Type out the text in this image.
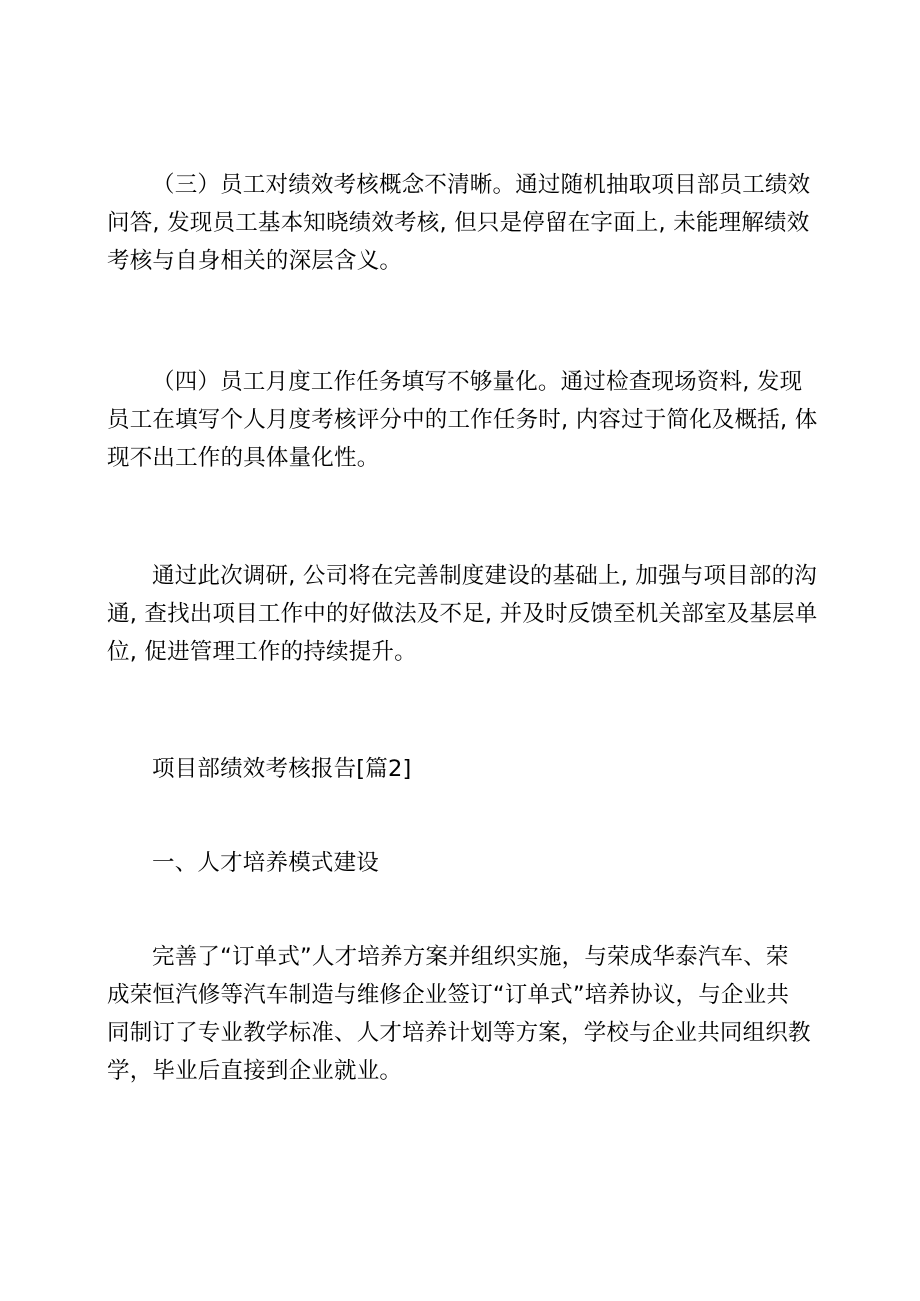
（三）员工对绩效考核概念不清晰。通过随机抽取项目部员工绩效
问答, 发现员工基本知晓绩效考核, 但只是停留在字面上, 未能理解绩效
考核与自身相关的深层含义。
（四）员工月度工作任务填写不够量化。通过检查现场资料, 发现
员工在填写个人月度考核评分中的工作任务时, 内容过于简化及概括, 体
现不出工作的具体量化性。
通过此次调研, 公司将在完善制度建设的基础上, 加强与项目部的沟
通, 查找出项目工作中的好做法及不足, 并及时反馈至机关部室及基层单
位, 促进管理工作的持续提升。
项目部绩效考核报告[篇2]
一、人才培养模式建设
完善了“订单式”人才培养方案并组织实施，与荣成华泰汽车、荣
成荣恒汽修等汽车制造与维修企业签订“订单式”培养协议，与企业共
同制订了专业教学标准、人才培养计划等方案，学校与企业共同组织教
学，毕业后直接到企业就业。
